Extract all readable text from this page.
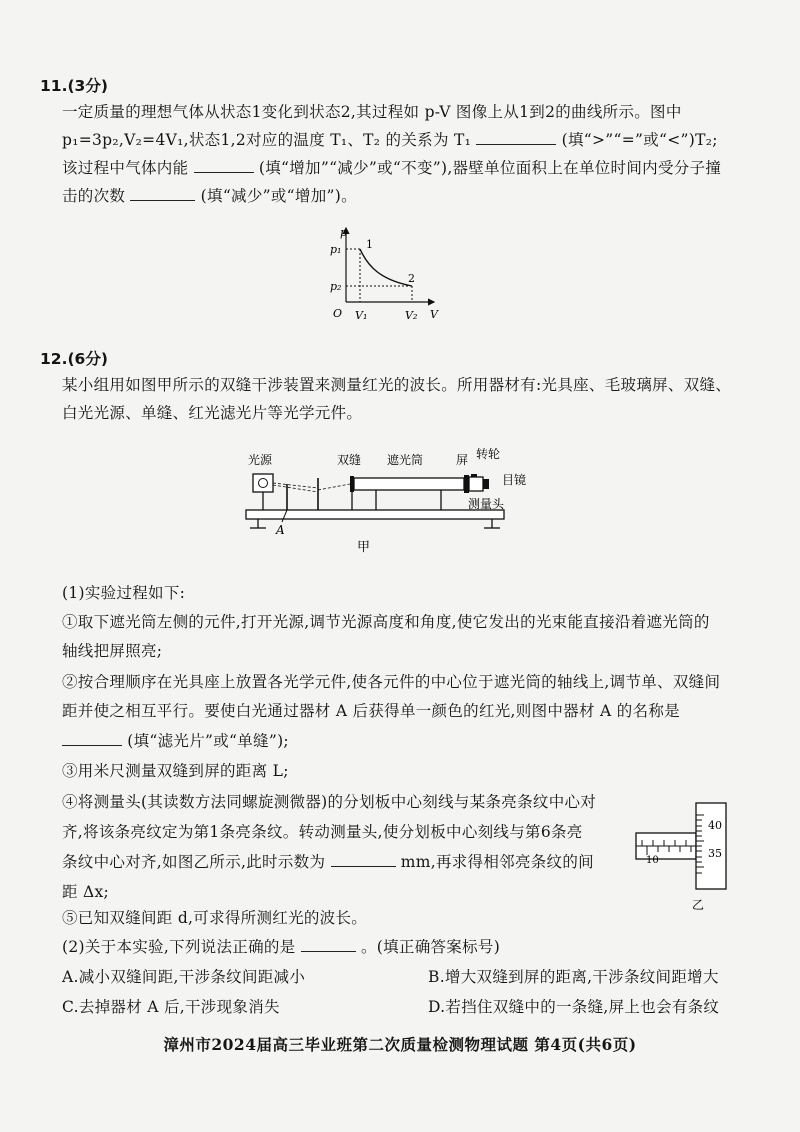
11.(3分)
一定质量的理想气体从状态1变化到状态2,其过程如 p-V 图像上从1到2的曲线所示。图中
p₁=3p₂,V₂=4V₁,状态1,2对应的温度 T₁、T₂ 的关系为 T₁	(填“>”“=”或“<”)T₂;
该过程中气体内能	(填“增加”“减少”或“不变”),器壁单位面积上在单位时间内受分子撞
击的次数	(填“减少”或“增加”)。
p
V
O
p₁
p₂
V₁	V₂
1
2
12.(6分)
某小组用如图甲所示的双缝干涉装置来测量红光的波长。所用器材有:光具座、毛玻璃屏、双缝、
白光光源、单缝、红光滤光片等光学元件。
光源	双缝 遮光筒	屏 转轮
目镜
测量头
A
甲
(1)实验过程如下:
①取下遮光筒左侧的元件,打开光源,调节光源高度和角度,使它发出的光束能直接沿着遮光筒的
轴线把屏照亮;
②按合理顺序在光具座上放置各光学元件,使各元件的中心位于遮光筒的轴线上,调节单、双缝间
距并使之相互平行。要使白光通过器材 A 后获得单一颜色的红光,则图中器材 A 的名称是
(填“滤光片”或“单缝”);
③用米尺测量双缝到屏的距离 L;
④将测量头(其读数方法同螺旋测微器)的分划板中心刻线与某条亮条纹中心对
齐,将该条亮纹定为第1条亮条纹。转动测量头,使分划板中心刻线与第6条亮
条纹中心对齐,如图乙所示,此时示数为	mm,再求得相邻亮条纹的间
距 Δx;
⑤已知双缝间距 d,可求得所测红光的波长。
40
35
10
乙
(2)关于本实验,下列说法正确的是	。(填正确答案标号)
A.减小双缝间距,干涉条纹间距减小	B.增大双缝到屏的距离,干涉条纹间距增大
C.去掉器材 A 后,干涉现象消失	D.若挡住双缝中的一条缝,屏上也会有条纹
漳州市2024届高三毕业班第二次质量检测物理试题 第4页(共6页)
